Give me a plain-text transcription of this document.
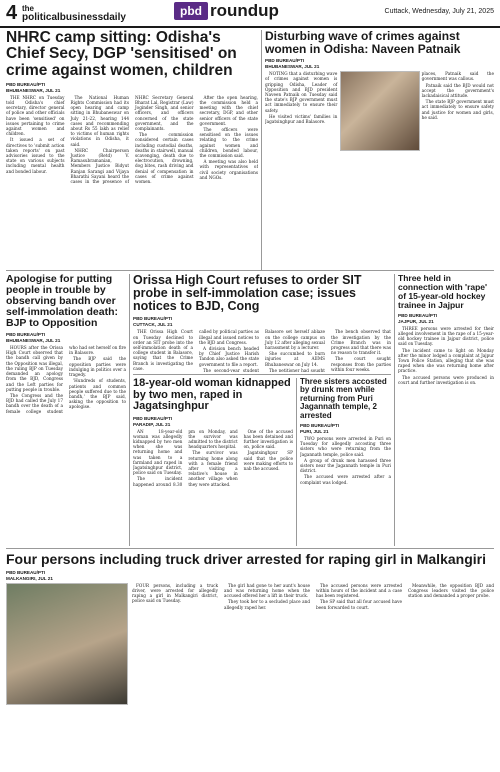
4 the
politicalbusinessdaily	pbd roundup	Cuttack, Wednesday, July 21, 2025
NHRC camp sitting: Odisha's Chief Secy, DGP 'sensitised' on crime against women, children
PBD BUREAU/PTI
BHUBANESWAR, JUL 21

THE NHRC on Tuesday told Odisha's chief secretary, director general of police and other officials have been 'sensitised' on issues pertaining to crime against women and children.

It issued a set of directives to 'submit action taken reports' on past advisories issued to the state on various subjects including mental health and bonded labour.

The National Human Rights Commission had its open hearing and camp sitting in Bhubaneswar on July 21-22, hearing 144 cases and recommending about Rs 55 lakh as relief to victims of human rights violations in Odisha, it said.

NHRC Chairperson Justice (Retd) V. Ramasubramanian, Members Justice Bidyut Ranjan Sarangi and Vijaya Bharathi Sayani heard the cases in the presence of NHRC Secretary General Bharat Lal, Registrar (Law) Joginder Singh, and senior officers, and officers concerned of the state government, and the complainants.

The commission considered certain cases including custodial deaths, deaths in stairwell, manual scavenging, death due to electrocution, drowning, dog bites, rash driving and denial of compensation in cases of crime against women.

After the open hearing, the commission held a meeting with the chief secretary, DGP, and other senior officers of the state government.

The officers were sensitised on the issues relating to the crime against women and children, bonded labour, the commission said.

A meeting was also held with representatives of civil society organisations and NGOs.

Disturbing wave of crimes against women in Odisha: Naveen Patnaik
PBD BUREAU/PTI
BHUBANESWAR, JUL 21

NOTING that a disturbing wave of crimes against women is gripping Odisha, Leader of Opposition and BJD president Naveen Patnaik on Tuesday said the state's BJP government must act immediately to ensure their safety.

He visited victims' families in Jagatsinghpur and Balasore.

places, Patnaik said the government was callous.

Patnaik said the BJD would not accept the government's lackadaisical attitude.

The state BJP government must act immediately to ensure safety and justice for women and girls, he said.

Apologise for putting people in trouble by observing bandh over self-immolation death: BJP to Opposition
PBD BUREAU/PTI
BHUBANESWAR, JUL 21

HOURS after the Orissa High Court observed that the bandh call given by the Opposition was illegal, the ruling BJP on Tuesday demanded an apology from the BJD, Congress and the Left parties for putting people in trouble.

The Congress and the BJD had called the July 17 bandh over the death of a female college student who had set herself on fire in Balasore.

The BJP said the opposition parties were indulging in politics over a tragedy.

'Hundreds of students, patients and common people suffered due to the bandh,' the BJP said, asking the opposition to apologise.

Orissa High Court refuses to order SIT probe in self-immolation case; issues notices to BJD, Cong
PBD BUREAU/PTI
CUTTACK, JUL 21

THE Orissa High Court on Tuesday declined to order an SIT probe into the self-immolation death of a college student in Balasore, saying that the Crime Branch is investigating the case.

called by political parties as illegal and issued notices to the BJD and Congress.

A division bench headed by Chief Justice Harish Tandon also asked the state government to file a report.

The second-year student Balasore set herself ablaze on the college campus on July 12 after alleging sexual harassment by a lecturer.

She succumbed to burn injuries at AIIMS Bhubaneswar on July 14.

The petitioner had sought

The bench observed that the investigation by the Crime Branch was in progress and that there was no reason to transfer it.

The court sought responses from the parties within four weeks.

Three held in connection with 'rape' of 15-year-old hockey trainee in Jajpur
PBD BUREAU/PTI
JAJPUR, JUL 21

THREE persons were arrested for their alleged involvement in the rape of a 15-year-old hockey trainee in Jajpur district, police said on Tuesday.

The incident came to light on Monday after the minor lodged a complaint at Jajpur Town Police Station, alleging that she was raped when she was returning home after practice.

The accused persons were produced in court and further investigation is on.

18-year-old woman kidnapped by two men, raped in Jagatsinghpur
PBD BUREAU/PTI
PARADIP, JUL 21

AN 18-year-old woman was allegedly kidnapped by two men when she was returning home and was taken to a farmland and raped in Jagatsinghpur district, police said on Tuesday.

The incident happened around 8.30 pm on Monday, and the survivor was admitted to the district headquarters hospital.

The survivor was returning home along with a female friend after visiting a relative's house in another village when they were attacked.

One of the accused has been detained and further investigation is on, police said.

Jagatsinghpur SP said that the police were making efforts to nab the accused.

Three sisters accosted by drunk men while returning from Puri Jagannath temple, 2 arrested
PBD BUREAU/PTI
PURI, JUL 21

TWO persons were arrested in Puri on Tuesday for allegedly accosting three sisters who were returning from the Jagannath temple, police said.

A group of drunk men harassed three sisters near the Jagannath temple in Puri district.

The accused were arrested after a complaint was lodged.

Four persons including truck driver arrested for raping girl in Malkangiri
PBD BUREAU/PTI
MALKANGIRI, JUL 21

FOUR persons, including a truck driver, were arrested for allegedly raping a girl in Malkangiri district, police said on Tuesday.

The girl had gone to her aunt's house and was returning home when the accused offered her a lift in their truck.

They took her to a secluded place and allegedly raped her.

The accused persons were arrested within hours of the incident and a case has been registered.

The SP said that all four accused have been forwarded to court.

Meanwhile, the opposition BJD and Congress leaders visited the police station and demanded a proper probe.
